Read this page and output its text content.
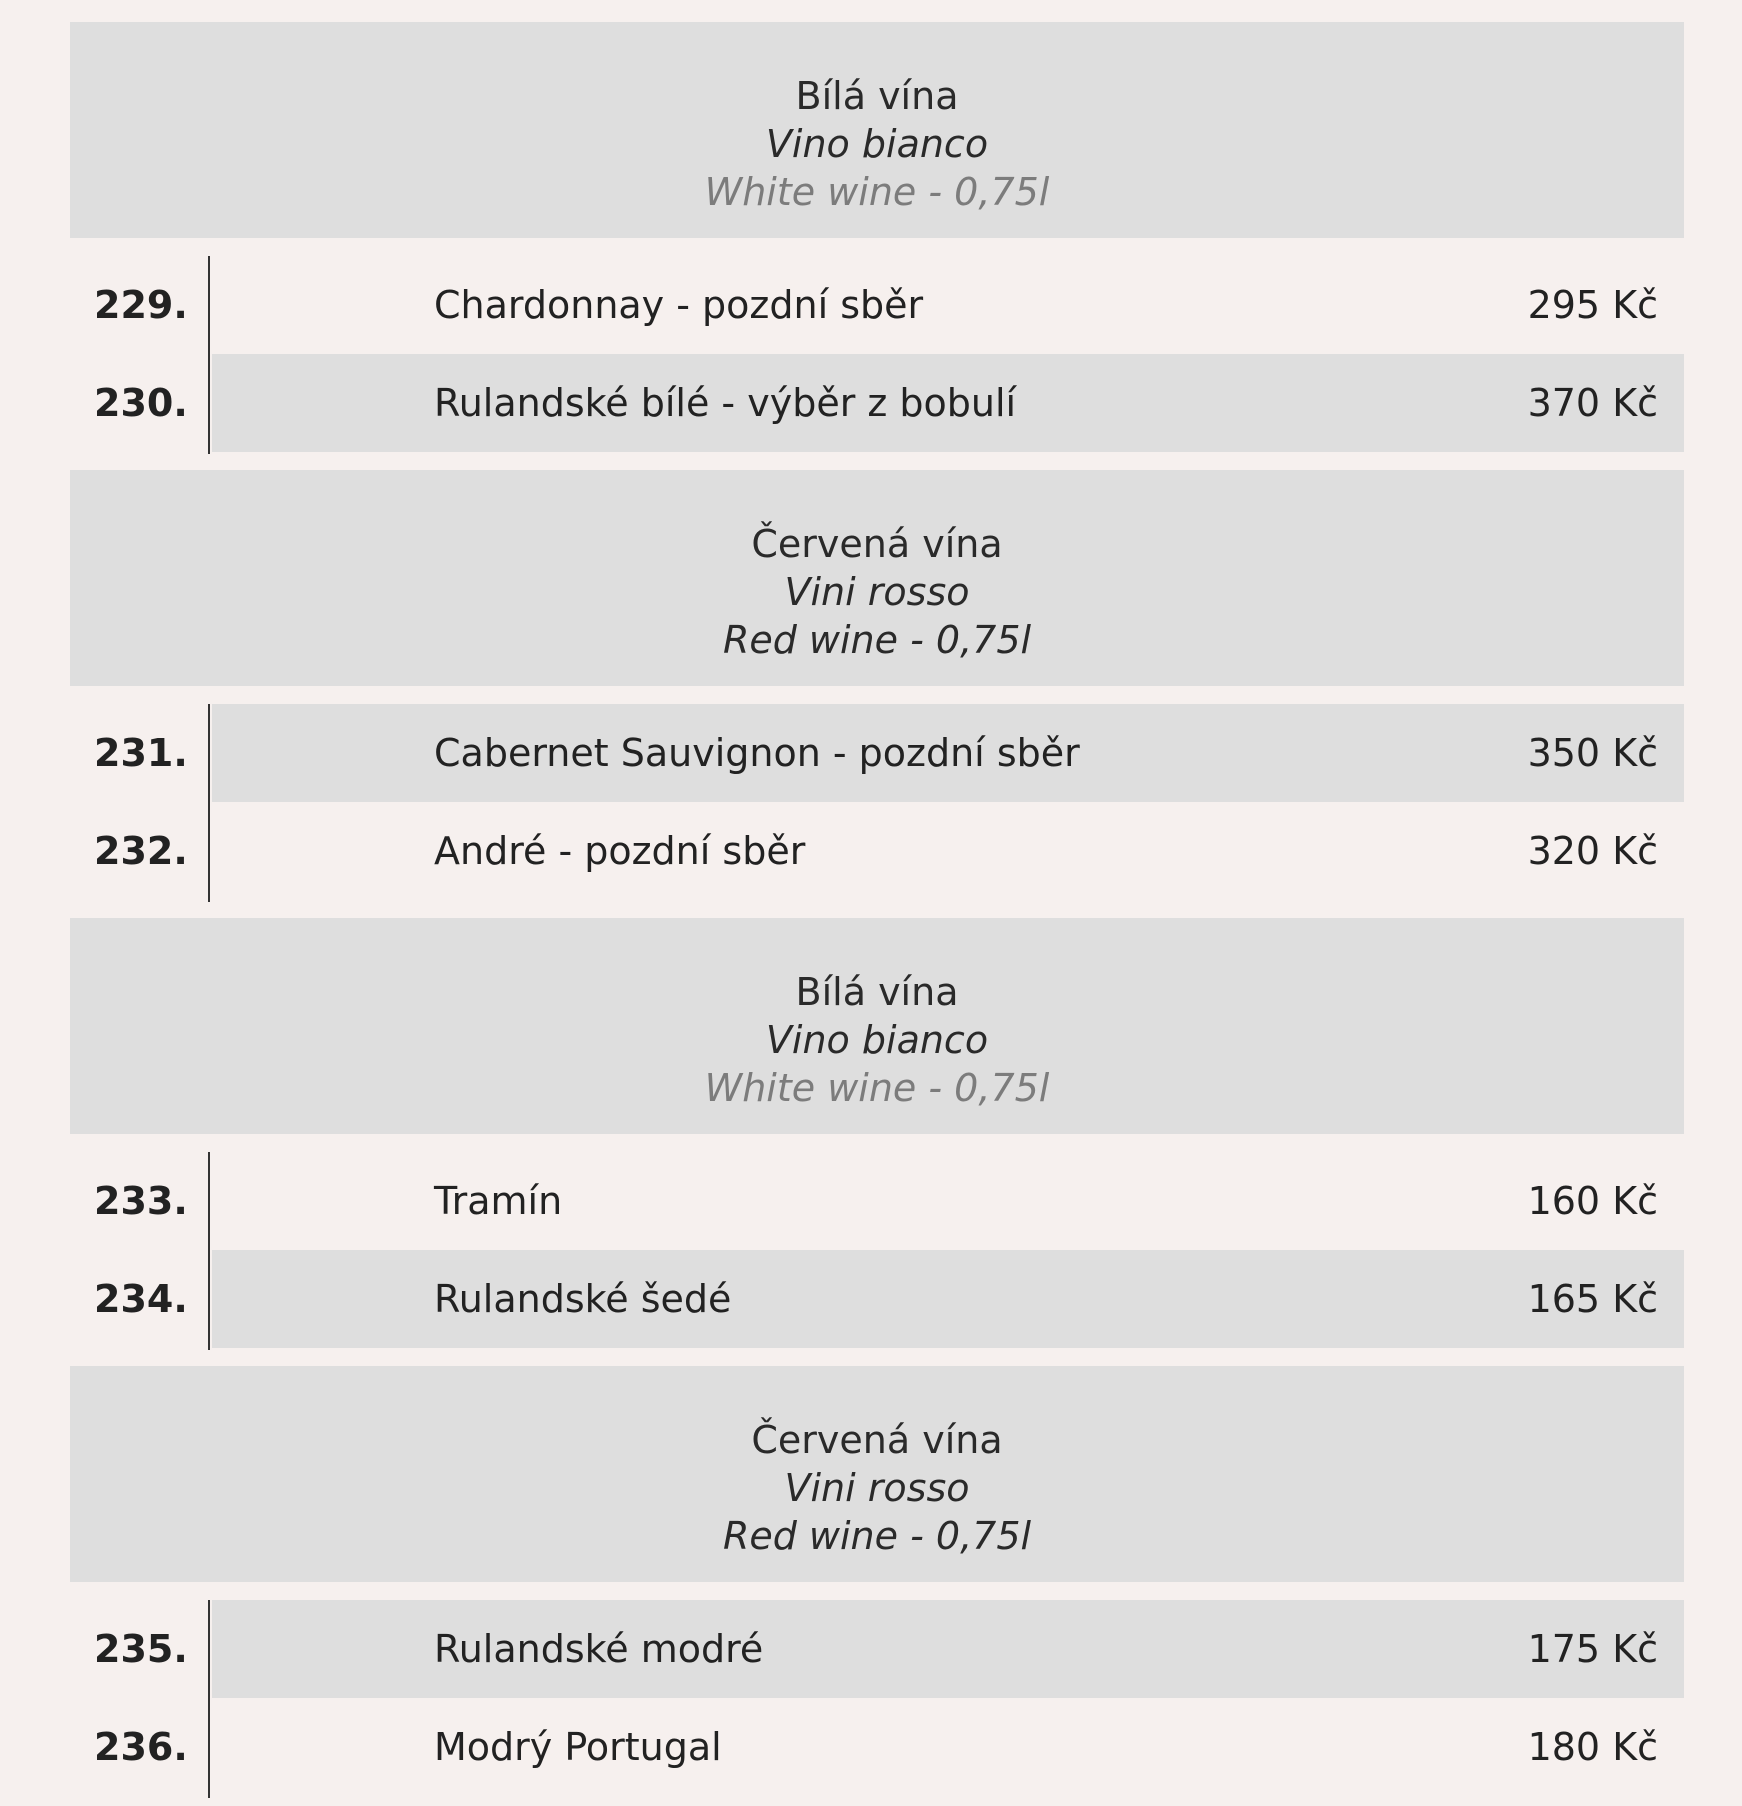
Bílá vína
Vino bianco
White wine - 0,75l
229.	Chardonnay - pozdní sběr	295 Kč
230.	Rulandské bílé - výběr z bobulí	370 Kč
Červená vína
Vini rosso
Red wine - 0,75l
231.	Cabernet Sauvignon - pozdní sběr	350 Kč
232.	André - pozdní sběr	320 Kč
Bílá vína
Vino bianco
White wine - 0,75l
233.	Tramín	160 Kč
234.	Rulandské šedé	165 Kč
Červená vína
Vini rosso
Red wine - 0,75l
235.	Rulandské modré	175 Kč
236.	Modrý Portugal	180 Kč
